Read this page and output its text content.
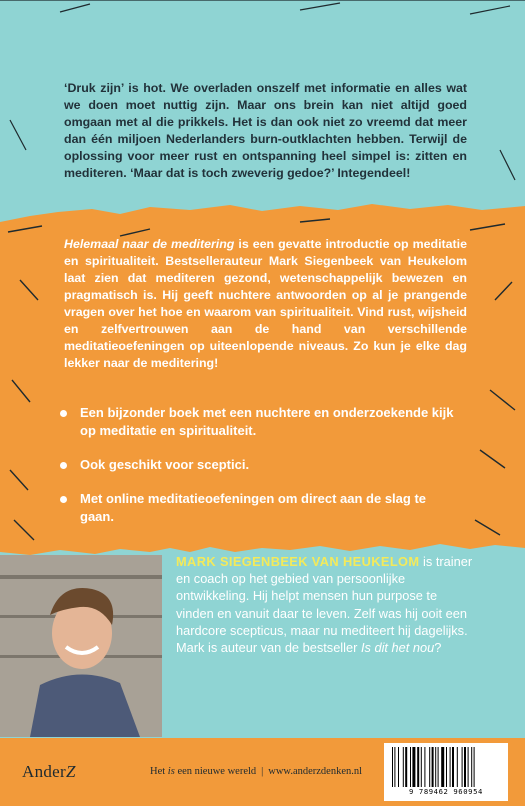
‘Druk zijn’ is hot. We overladen onszelf met informatie en alles wat we doen moet nuttig zijn. Maar ons brein kan niet altijd goed omgaan met al die prikkels. Het is dan ook niet zo vreemd dat meer dan één miljoen Nederlanders burn-outklachten hebben. Terwijl de oplossing voor meer rust en ontspanning heel simpel is: zitten en mediteren. ‘Maar dat is toch zweverig gedoe?’ Integendeel!
Helemaal naar de meditering is een gevatte introductie op meditatie en spiritualiteit. Bestsellerauteur Mark Siegenbeek van Heukelom laat zien dat mediteren gezond, wetenschappelijk bewezen en pragmatisch is. Hij geeft nuchtere antwoorden op al je prangende vragen over het hoe en waarom van spiritualiteit. Vind rust, wijsheid en zelfvertrouwen aan de hand van verschillende meditatieoefeningen op uiteenlopende niveaus. Zo kun je elke dag lekker naar de meditering!
Een bijzonder boek met een nuchtere en onderzoekende kijk op meditatie en spiritualiteit.
Ook geschikt voor sceptici.
Met online meditatieoefeningen om direct aan de slag te gaan.
MARK SIEGENBEEK VAN HEUKELOM is trainer en coach op het gebied van persoonlijke ontwikkeling. Hij helpt mensen hun purpose te vinden en vanuit daar te leven. Zelf was hij ooit een hardcore scepticus, maar nu mediteert hij dagelijks. Mark is auteur van de bestseller Is dit het nou?
AnderZ	Het is een nieuwe wereld | www.anderzdenken.nl
9 789462 960954
